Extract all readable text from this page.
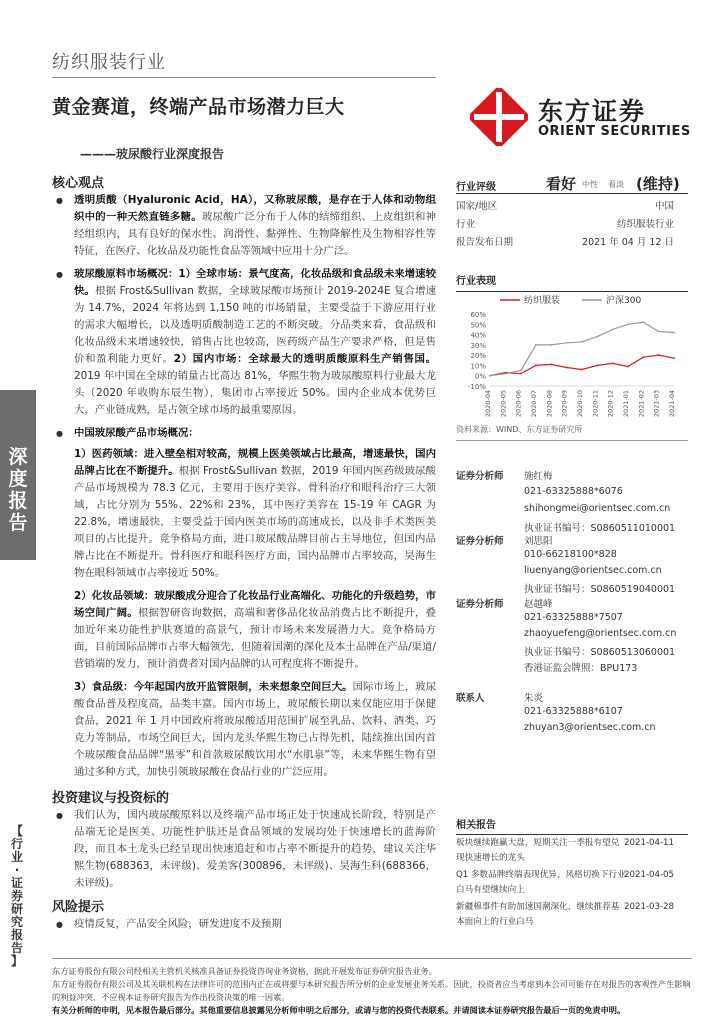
纺织服装行业
黄金赛道，终端产品市场潜力巨大
———玻尿酸行业深度报告
东方证券
ORIENT SECURITIES
深
度
报
告
【
行
业
·
证
券
研
究
报
告
】
核心观点
● 透明质酸（Hyaluronic Acid，HA），又称玻尿酸，是存在于人体和动物组织中的一种天然直链多糖。玻尿酸广泛分布于人体的结缔组织、上皮组织和神经组织内，具有良好的保水性、润滑性、黏弹性、生物降解性及生物相容性等特征，在医疗、化妆品及功能性食品等领域中应用十分广泛。
● 玻尿酸原料市场概况：1）全球市场：景气度高，化妆品级和食品级未来增速较快。根据 Frost&Sullivan 数据，全球玻尿酸市场预计 2019-2024E 复合增速为 14.7%，2024 年将达到 1,150 吨的市场销量，主要受益于下游应用行业的需求大幅增长，以及透明质酸制造工艺的不断突破。分品类来看，食品级和化妆品级未来增速较快，销售占比也较高，医药级产品生产要求严格，但是售价和盈利能力更好。2）国内市场：全球最大的透明质酸原料生产销售国。2019 年中国在全球的销量占比高达 81%，华熙生物为玻尿酸原料行业最大龙头（2020 年收购东辰生物），集团市占率接近 50%。国内企业成本优势巨大，产业链成熟，是占领全球市场的最重要原因。
● 中国玻尿酸产品市场概况：
1）医药领域：进入壁垒相对较高，规模上医美领域占比最高，增速最快，国内品牌占比在不断提升。根据 Frost&Sullivan 数据，2019 年国内医药级玻尿酸产品市场规模为 78.3 亿元，主要用于医疗美容、骨科治疗和眼科治疗三大领域，占比分别为 55%、22%和 23%，其中医疗美容在 15-19 年 CAGR 为 22.8%，增速最快，主要受益于国内医美市场的高速成长，以及非手术类医美项目的占比提升。竞争格局方面，进口玻尿酸品牌目前占主导地位，但国内品牌占比在不断提升。骨科医疗和眼科医疗方面，国内品牌市占率较高，昊海生物在眼科领域市占率接近 50%。
2）化妆品领域：玻尿酸成分迎合了化妆品行业高端化、功能化的升级趋势，市场空间广阔。根据智研咨询数据，高端和奢侈品化妆品消费占比不断提升，叠加近年来功能性护肤赛道的高景气，预计市场未来发展潜力大。竞争格局方面，目前国际品牌市占率大幅领先，但随着国潮的深化及本土品牌在产品/渠道/营销端的发力，预计消费者对国内品牌的认可程度将不断提升。
3）食品级：今年起国内放开监管限制，未来想象空间巨大。国际市场上，玻尿酸食品普及程度高，品类丰富。国内市场上，玻尿酸长期以来仅能应用于保健食品，2021 年 1 月中国政府将玻尿酸适用范围扩展至乳品、饮料、酒类、巧克力等制品，市场空间巨大，国内龙头华熙生物已占得先机，陆续推出国内首个玻尿酸食品品牌“黑零”和首款玻尿酸饮用水“水肌泉”等，未来华熙生物有望通过多种方式，加快引领玻尿酸在食品行业的广泛应用。
投资建议与投资标的
● 我们认为，国内玻尿酸原料以及终端产品市场正处于快速成长阶段，特别是产品端无论是医美、功能性护肤还是食品领域的发展均处于快速增长的蓝海阶段，而且本土龙头已经呈现出快速追赶和市占率不断提升的趋势，建议关注华熙生物(688363，未评级)、爱美客(300896，未评级)、昊海生科(688366，未评级)。
风险提示
● 疫情反复，产品安全风险，研发进度不及预期
行业评级	看好 中性 看淡 (维持)
国家/地区	中国
行业	纺织服装行业
报告发布日期	2021 年 04 月 12 日
行业表现
纺织服装	沪深300
60%
50%
40%
30%
20%
10%
0%
-10%
2020-04 2020-05 2020-06 2020-07 2020-08 2020-09 2020-10 2020-11 2020-12 2021-01 2021-02 2021-03 2021-04
资料来源：WIND、东方证券研究所
证券分析师 施红梅
021-63325888*6076
shihongmei@orientsec.com.cn
执业证书编号：S0860511010001
证券分析师 刘思阳
010-66218100*828
liuenyang@orientsec.com.cn
执业证书编号：S0860519040001
证券分析师 赵越峰
021-63325888*7507
zhaoyuefeng@orientsec.com.cn
执业证书编号：S0860513060001
香港证监会牌照：BPU173
联系人	朱炎
021-63325888*6107
zhuyan3@orientsec.com.cn
相关报告
板块继续跑赢大盘，短期关注一季报有望兑现快速增长的龙头
2021-04-11
Q1 多数品牌终端表现优异，风格切换下行业白马有望继续向上
2021-04-05
新疆棉事件有助加速国潮深化，继续推荐基本面向上的行业白马
2021-03-28
东方证券股份有限公司经相关主管机关核准具备证券投资咨询业务资格，据此开展发布证券研究报告业务。
东方证券股份有限公司及其关联机构在法律许可的范围内正在或将要与本研究报告所分析的企业发展业务关系。因此，投资者应当考虑到本公司可能存在对报告的客观性产生影响的利益冲突，不应视本证券研究报告为作出投资决策的唯一因素。
有关分析师的申明，见本报告最后部分。其他重要信息披露见分析师申明之后部分，或请与您的投资代表联系。并请阅读本证券研究报告最后一页的免责申明。
